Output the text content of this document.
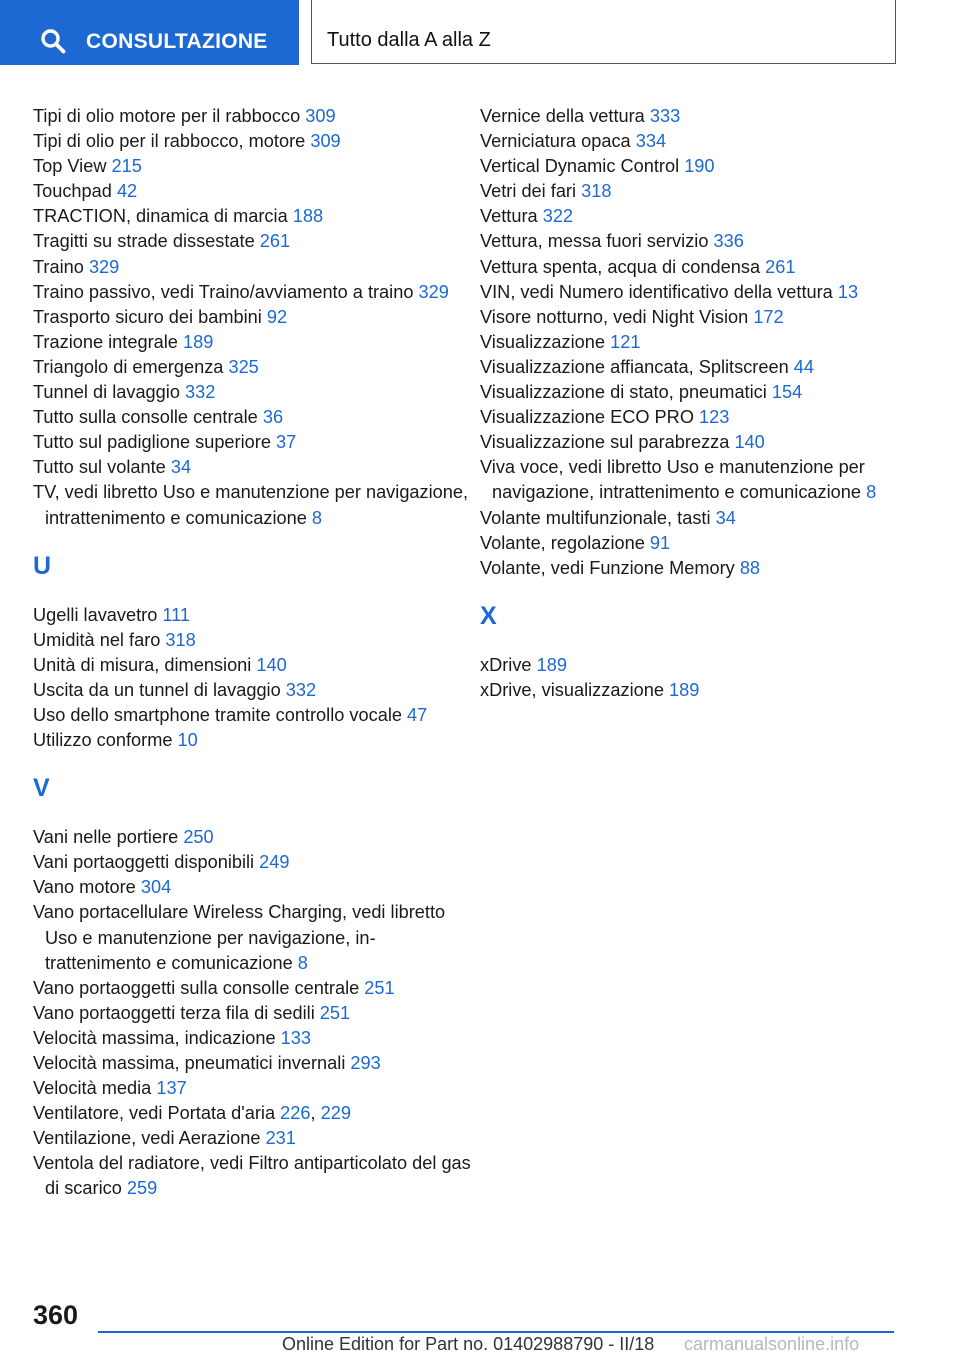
CONSULTAZIONE	Tutto dalla A alla Z
Tipi di olio motore per il rabbocco 309
Tipi di olio per il rabbocco, motore 309
Top View 215
Touchpad 42
TRACTION, dinamica di marcia 188
Tragitti su strade dissestate 261
Traino 329
Traino passivo, vedi Traino/avviamento a traino 329
Trasporto sicuro dei bambini 92
Trazione integrale 189
Triangolo di emergenza 325
Tunnel di lavaggio 332
Tutto sulla consolle centrale 36
Tutto sul padiglione superiore 37
Tutto sul volante 34
TV, vedi libretto Uso e manutenzione per navigazione, intrattenimento e comunicazione 8
U
Ugelli lavavetro 111
Umidità nel faro 318
Unità di misura, dimensioni 140
Uscita da un tunnel di lavaggio 332
Uso dello smartphone tramite controllo vocale 47
Utilizzo conforme 10
V
Vani nelle portiere 250
Vani portaoggetti disponibili 249
Vano motore 304
Vano portacellulare Wireless Charging, vedi libretto Uso e manutenzione per navigazione, intrattenimento e comunicazione 8
Vano portaoggetti sulla consolle centrale 251
Vano portaoggetti terza fila di sedili 251
Velocità massima, indicazione 133
Velocità massima, pneumatici invernali 293
Velocità media 137
Ventilatore, vedi Portata d'aria 226, 229
Ventilazione, vedi Aerazione 231
Ventola del radiatore, vedi Filtro antiparticolato del gas di scarico 259
Vernice della vettura 333
Verniciatura opaca 334
Vertical Dynamic Control 190
Vetri dei fari 318
Vettura 322
Vettura, messa fuori servizio 336
Vettura spenta, acqua di condensa 261
VIN, vedi Numero identificativo della vettura 13
Visore notturno, vedi Night Vision 172
Visualizzazione 121
Visualizzazione affiancata, Splitscreen 44
Visualizzazione di stato, pneumatici 154
Visualizzazione ECO PRO 123
Visualizzazione sul parabrezza 140
Viva voce, vedi libretto Uso e manutenzione per navigazione, intrattenimento e comunicazione 8
Volante multifunzionale, tasti 34
Volante, regolazione 91
Volante, vedi Funzione Memory 88
X
xDrive 189
xDrive, visualizzazione 189
360
Online Edition for Part no. 01402988790 - II/18 carmanualsonline.info
